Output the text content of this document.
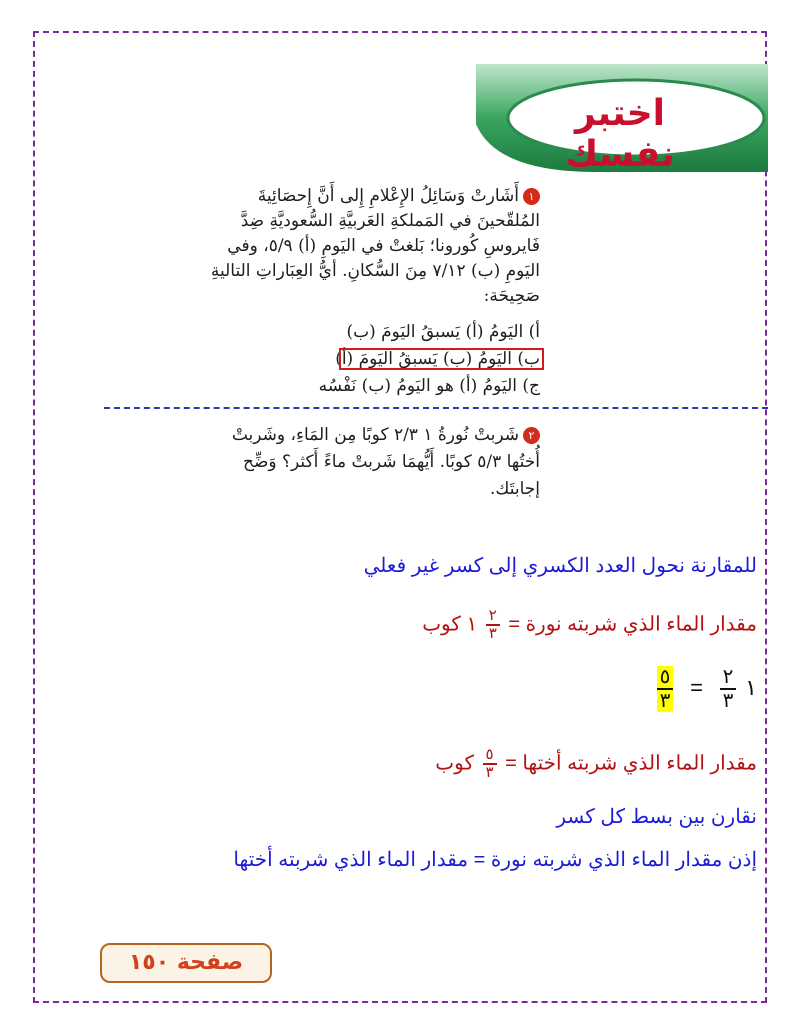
اختبر نفسك
١أَشَارتْ وَسَائِلُ الإِعْلامِ إِلى أَنَّ إِحصَائِيةَ
المُلقّحينَ في المَملكةِ العَربيَّةِ السُّعوديَّةِ ضِدَّ
فَايروسِ كُورونا؛ بَلغتْ في اليَومِ (أ) ٥/٩، وفي
اليَومِ (ب) ٧/١٢ مِنَ السُّكانِ. أيُّ العِبَاراتِ التاليةِ
صَحِيحَة:
أ) اليَومُ (أ) يَسبقُ اليَومَ (ب)
ب) اليَومُ (ب) يَسبقُ اليَومَ (أ)
ج) اليَومُ (أ) هو اليَومُ (ب) نَفْسُه
٢شَربتْ نُورةُ ١ ٢/٣ كوبًا مِن المَاءِ، وشَربتْ
أُختُها ٥/٣ كوبًا. أَيُّهمَا شَربتْ ماءً أَكثر؟ وَضِّح
إجابتَك.
للمقارنة نحول العدد الكسري إلى كسر غير فعلي
مقدار الماء الذي شربته نورة =
$\frac{٢}{٣}$
١ كوب
١
$\frac{٢}{٣}$
=
$\frac{٥}{٣}$
مقدار الماء الذي شربته أختها =
$\frac{٥}{٣}$
كوب
نقارن بين بسط كل كسر
إذن مقدار الماء الذي شربته نورة = مقدار الماء الذي شربته أختها
صفحة ١٥٠
